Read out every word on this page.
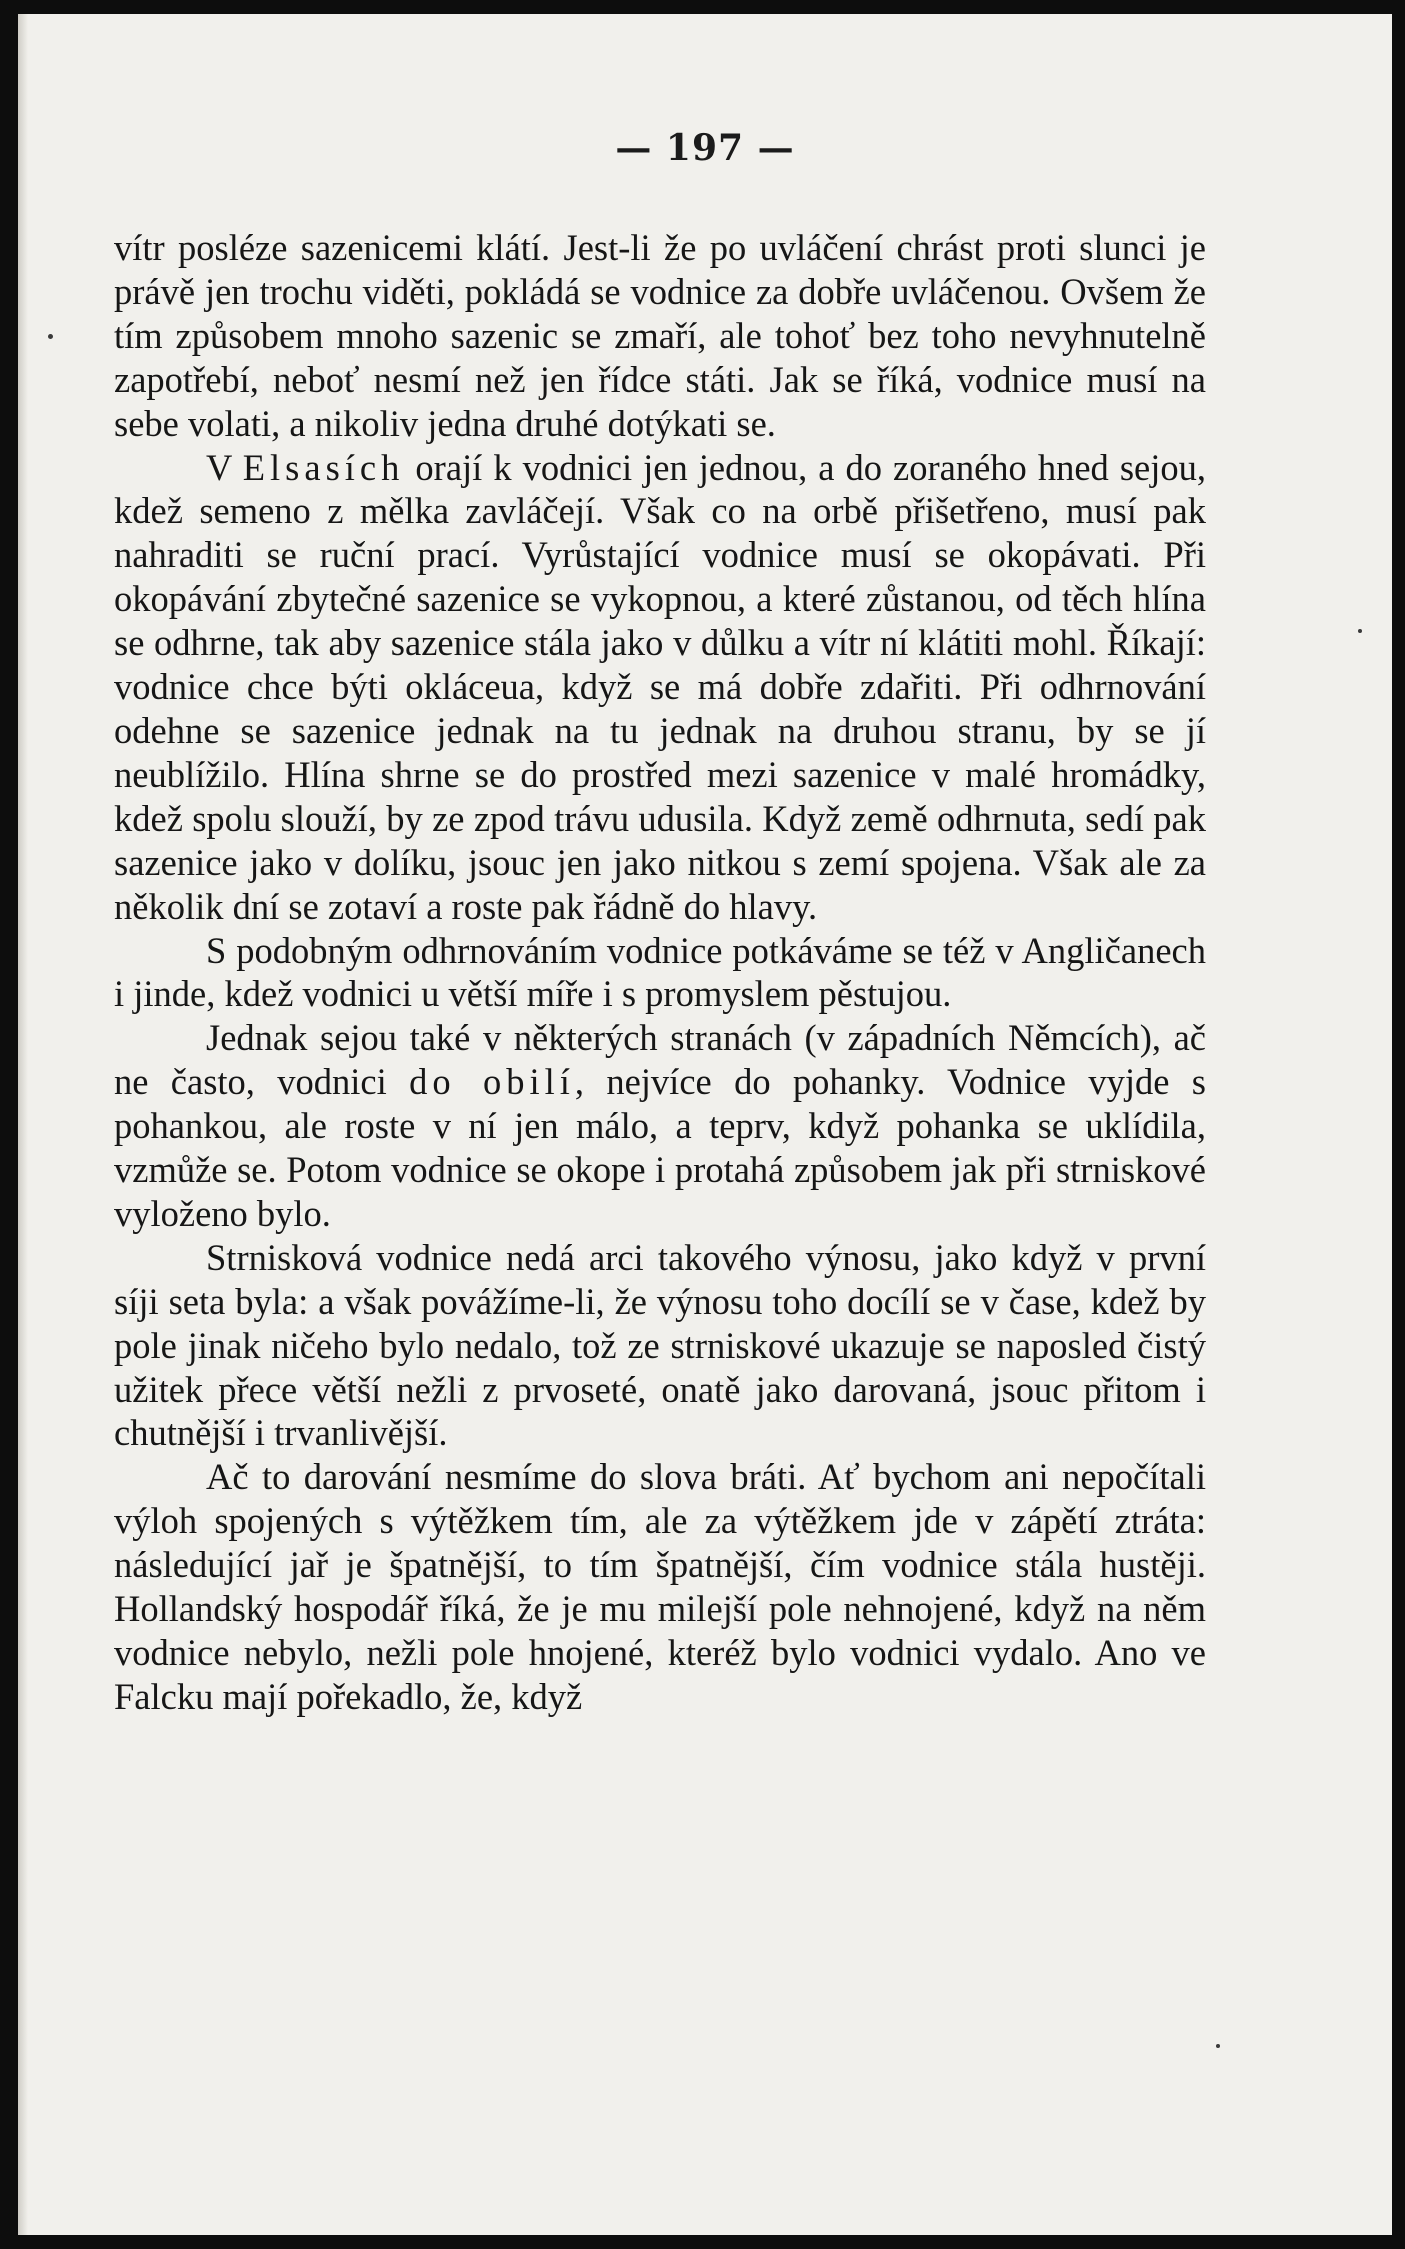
— 197 —

vítr posléze sazenicemi klátí. Jest-li že po uvláčení chrást proti slunci je právě jen trochu viděti, pokládá se vodnice za dobře uvláčenou. Ovšem že tím způsobem mnoho sazenic se zmaří, ale tohoť bez toho nevyhnutelně zapotřebí, neboť nesmí než jen řídce státi. Jak se říká, vodnice musí na sebe volati, a nikoliv jedna druhé dotýkati se.

V Elsasích orají k vodnici jen jednou, a do zoraného hned sejou, kdež semeno z mělka zavláčejí. Však co na orbě přišetřeno, musí pak nahraditi se ruční prací. Vyrůstající vodnice musí se okopávati. Při okopávání zbytečné sazenice se vykopnou, a které zůstanou, od těch hlína se odhrne, tak aby sazenice stála jako v důlku a vítr ní klátiti mohl. Říkají: vodnice chce býti okláceua, když se má dobře zdařiti. Při odhrnování odehne se sazenice jednak na tu jednak na druhou stranu, by se jí neublížilo. Hlína shrne se do prostřed mezi sazenice v malé hromádky, kdež spolu slouží, by ze zpod trávu udusila. Když země odhrnuta, sedí pak sazenice jako v dolíku, jsouc jen jako nitkou s zemí spojena. Však ale za několik dní se zotaví a roste pak řádně do hlavy.

S podobným odhrnováním vodnice potkáváme se též v Angličanech i jinde, kdež vodnici u větší míře i s promyslem pěstujou.

Jednak sejou také v některých stranách (v západních Němcích), ač ne často, vodnici do obilí, nejvíce do pohanky. Vodnice vyjde s pohankou, ale roste v ní jen málo, a teprv, když pohanka se uklídila, vzmůže se. Potom vodnice se okope i protahá způsobem jak při strniskové vyloženo bylo.

Strnisková vodnice nedá arci takového výnosu, jako když v první síji seta byla: a však povážíme-li, že výnosu toho docílí se v čase, kdež by pole jinak ničeho bylo nedalo, tož ze strniskové ukazuje se naposled čistý užitek přece větší nežli z prvoseté, onatě jako darovaná, jsouc přitom i chutnější i trvanlivější.

Ač to darování nesmíme do slova bráti. Ať bychom ani nepočítali výloh spojených s výtěžkem tím, ale za výtěžkem jde v zápětí ztráta: následující jař je špatnější, to tím špatnější, čím vodnice stála hustěji. Hollandský hospodář říká, že je mu milejší pole nehnojené, když na něm vodnice nebylo, nežli pole hnojené, kteréž bylo vodnici vydalo. Ano ve Falcku mají pořekadlo, že, když
